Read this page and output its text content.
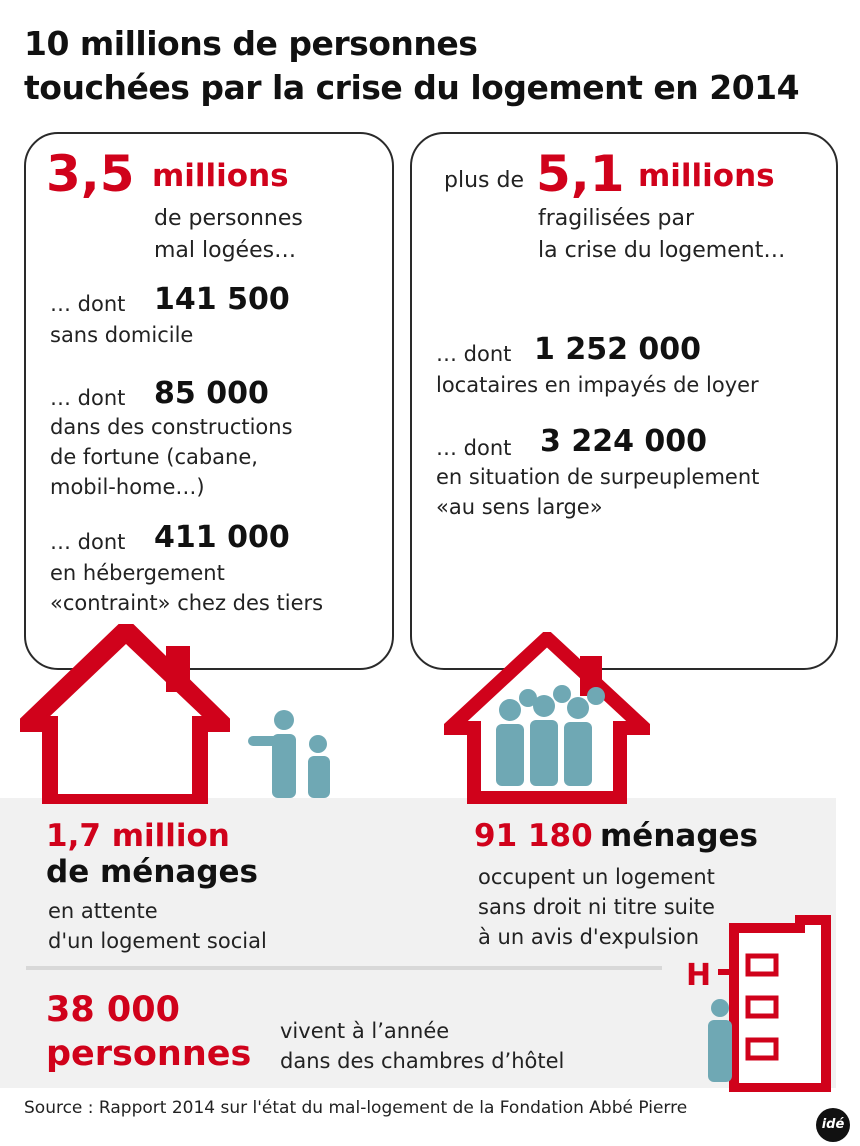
10 millions de personnes
touchées par la crise du logement en 2014
3,5 millions
de personnes
mal logées…
… dont 141 500
sans domicile
… dont 85 000
dans des constructions
de fortune (cabane,
mobil-home…)
… dont 411 000
en hébergement
«contraint» chez des tiers
plus de 5,1 millions
fragilisées par
la crise du logement…
… dont 1 252 000
locataires en impayés de loyer
… dont 3 224 000
en situation de surpeuplement
«au sens large»
1,7 million
de ménages
en attente
d'un logement social
91 180 ménages
occupent un logement
sans droit ni titre suite
à un avis d'expulsion
38 000
personnes
vivent à l’année
dans des chambres d’hôtel
H
Source : Rapport 2014 sur l'état du mal-logement de la Fondation Abbé Pierre
idé
